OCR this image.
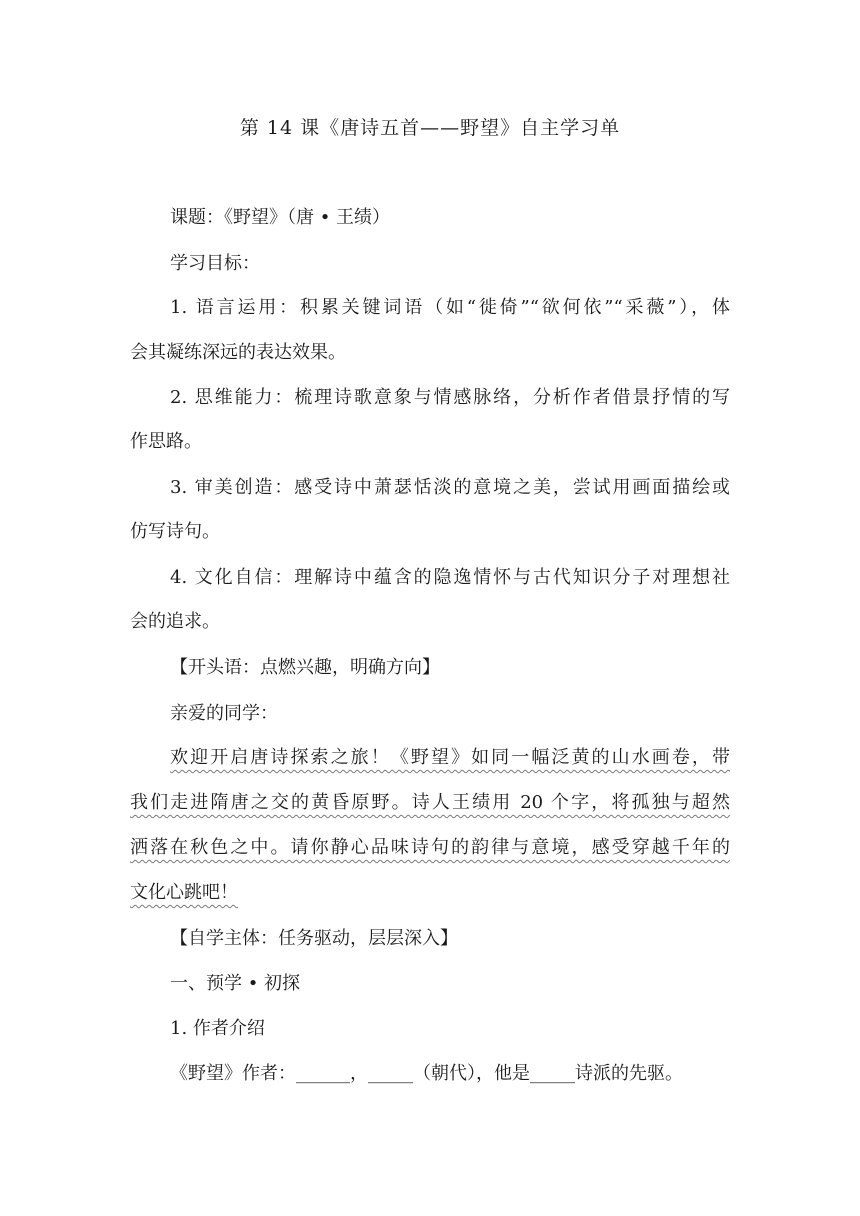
第 14 课《唐诗五首——野望》自主学习单
课题：《野望》（唐 • 王绩）
学习目标：
1. 语言运用：积累关键词语（如“徙倚”“欲何依”“采薇”），体
会其凝练深远的表达效果。
2. 思维能力：梳理诗歌意象与情感脉络，分析作者借景抒情的写
作思路。
3. 审美创造：感受诗中萧瑟恬淡的意境之美，尝试用画面描绘或
仿写诗句。
4. 文化自信：理解诗中蕴含的隐逸情怀与古代知识分子对理想社
会的追求。
【开头语：点燃兴趣，明确方向】
亲爱的同学：
欢迎开启唐诗探索之旅！《野望》如同一幅泛黄的山水画卷，带
我们走进隋唐之交的黄昏原野。诗人王绩用 20 个字，将孤独与超然
洒落在秋色之中。请你静心品味诗句的韵律与意境，感受穿越千年的
文化心跳吧！
【自学主体：任务驱动，层层深入】
一、预学 • 初探
1. 作者介绍
《野望》作者：______，_____（朝代），他是_____诗派的先驱。
